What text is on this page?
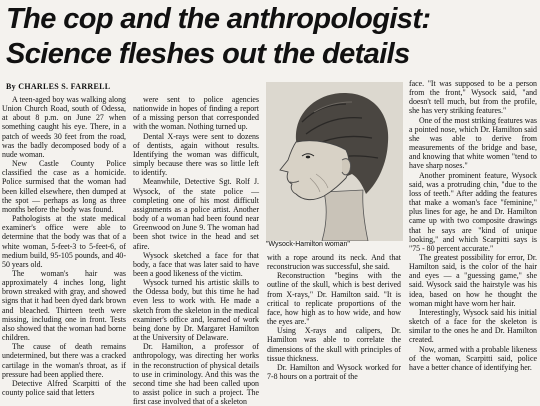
The cop and the anthropologist:
Science fleshes out the details
By CHARLES S. FARRELL

A teen-aged boy was walking along Union Church Road, south of Odessa, at about 8 p.m. on June 27 when something caught his eye. There, in a patch of weeds 30 feet from the road, was the badly decomposed body of a nude woman.

New Castle County Police classified the case as a homicide. Police surmised that the woman had been killed elsewhere, then dumped at the spot — perhaps as long as three months before the body was found.

Pathologists at the state medical examiner's office were able to determine that the body was that of a white woman, 5-feet-3 to 5-feet-6, of medium build, 95-105 pounds, and 40-50 years old.

The woman's hair was approximately 4 inches long, light brown streaked with gray, and showed signs that it had been dyed dark brown and bleached. Thirteen teeth were missing, including one in front. Tests also showed that the woman had borne children.

The cause of death remains undetermined, but there was a cracked cartilage in the woman's throat, as if pressure had been applied there.

Detective Alfred Scarpitti of the county police said that letters

were sent to police agencies nationwide in hopes of finding a report of a missing person that corresponded with the woman. Nothing turned up.

Dental X-rays were sent to dozens of dentists, again without results. Identifying the woman was difficult, simply because there was so little left to identify.

Meanwhile, Detective Sgt. Rolf J. Wysock, of the state police — completing one of his most difficult assignments as a police artist. Another body of a woman had been found near Greenwood on June 9. The woman had been shot twice in the head and set afire.

Wysock sketched a face for that body, a face that was later said to have been a good likeness of the victim.

Wysock turned his artistic skills to the Odessa body, but this time he had even less to work with. He made a sketch from the skeleton in the medical examiner's office and, learned of work being done by Dr. Margaret Hamilton at the University of Delaware.

Dr. Hamilton, a professor of anthropology, was directing her works in the reconstruction of physical details to use in criminology. And this was the second time she had been called upon to assist police in such a project. The first case involved that of a skeleton

"Wysock-Hamilton woman"

with a rope around its neck. And that reconstrucion was successful, she said.

Reconstruction "begins with the outline of the skull, which is best derived from X-rays," Dr. Hamilton said. "It is critical to replicate proportions of the face, how high as to how wide, and how the eyes are."

Using X-rays and calipers, Dr. Hamilton was able to correlate the dimensions of the skull with principles of tissue thickness.

Dr. Hamilton and Wysock worked for 7-8 hours on a portrait of the

face. "It was supposed to be a person from the front," Wysock said, "and doesn't tell much, but from the profile, she has very striking features."

One of the most striking features was a pointed nose, which Dr. Hamilton said she was able to derive from measurements of the bridge and base, and knowing that white women "tend to have sharp noses."

Another prominent feature, Wysock said, was a protruding chin, "due to the loss of teeth." After adding the features that make a woman's face "feminine," plus lines for age, he and Dr. Hamilton came up with two composite drawings that he says are "kind of unique looking," and which Scarpitti says is "75 - 80 percent accurate."

The greatest possibility for error, Dr. Hamilton said, is the color of the hair and eyes — a "guessing game," she said. Wysock said the hairstyle was his idea, based on how he thought the woman might have worn her hair.

Interestingly, Wysock said his initial sketch of a face for the skeleton is similar to the ones he and Dr. Hamilton created.

Now, armed with a probable likeness of the woman, Scarpitti said, police have a better chance of identifying her.
